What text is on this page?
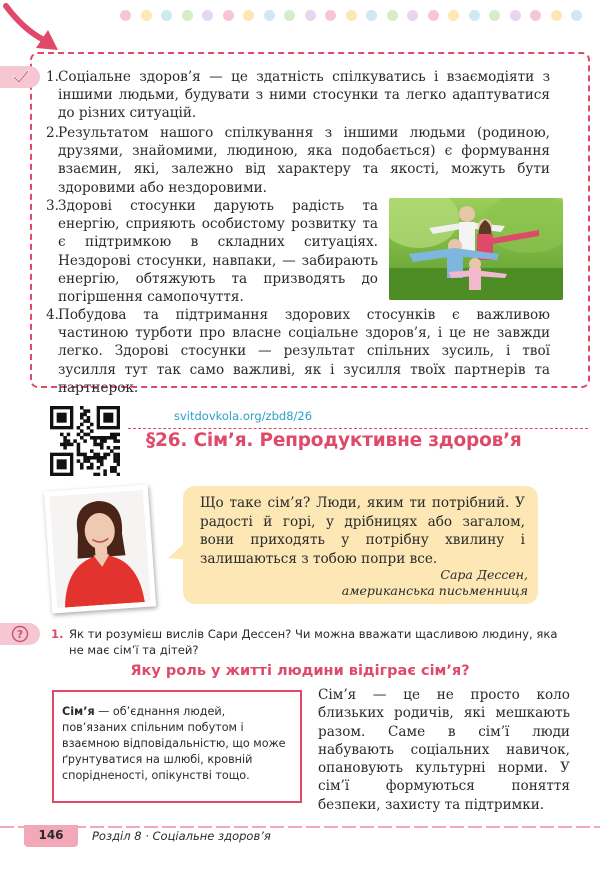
1. Соціальне здоров’я — це здатність спілкуватись і взаємодіяти з іншими людьми, будувати з ними стосунки та легко адаптуватися до різних ситуацій.

2. Результатом нашого спілкування з іншими людьми (родиною, друзями, знайомими, людиною, яка подобається) є формування взаємин, які, залежно від характеру та якості, можуть бути здоровими або нездоровими.

3. Здорові стосунки дарують радість та енергію, сприяють особистому розвитку та є підтримкою в складних ситуаціях. Нездорові стосунки, навпаки, — забирають енергію, обтяжують та призводять до погіршення самопочуття.

4. Побудова та підтримання здорових стосунків є важливою частиною турботи про власне соціальне здоров’я, і це не завжди легко. Здорові стосунки — результат спільних зусиль, і твої зусилля тут так само важливі, як і зусилля твоїх партнерів та партнерок.

svitdovkola.org/zbd8/26
§26. Сім’я. Репродуктивне здоров’я

Що таке сім’я? Люди, яким ти потрібний. У радості й горі, у дрібницях або загалом, вони приходять у потрібну хвилину і залишаються з тобою попри все.

Сара Дессен,
американська письменниця
? 1. Як ти розумієш вислів Сари Дессен? Чи можна вважати щасливою людину, яка не має сім’ї та дітей?
Яку роль у житті людини відіграє сім’я?

Сім’я — об’єднання людей, пов’язаних спільним побутом і взаємною відповідальністю, що може ґрунтуватися на шлюбі, кровній спорідненості, опікунстві тощо.

Сім’я — це не просто коло близьких родичів, які мешкають разом. Саме в сім’ї люди набувають соціальних навичок, опановують культурні норми. У сім’ї формуються поняття безпеки, захисту та підтримки.

146	Розділ 8 · Соціальне здоров’я
